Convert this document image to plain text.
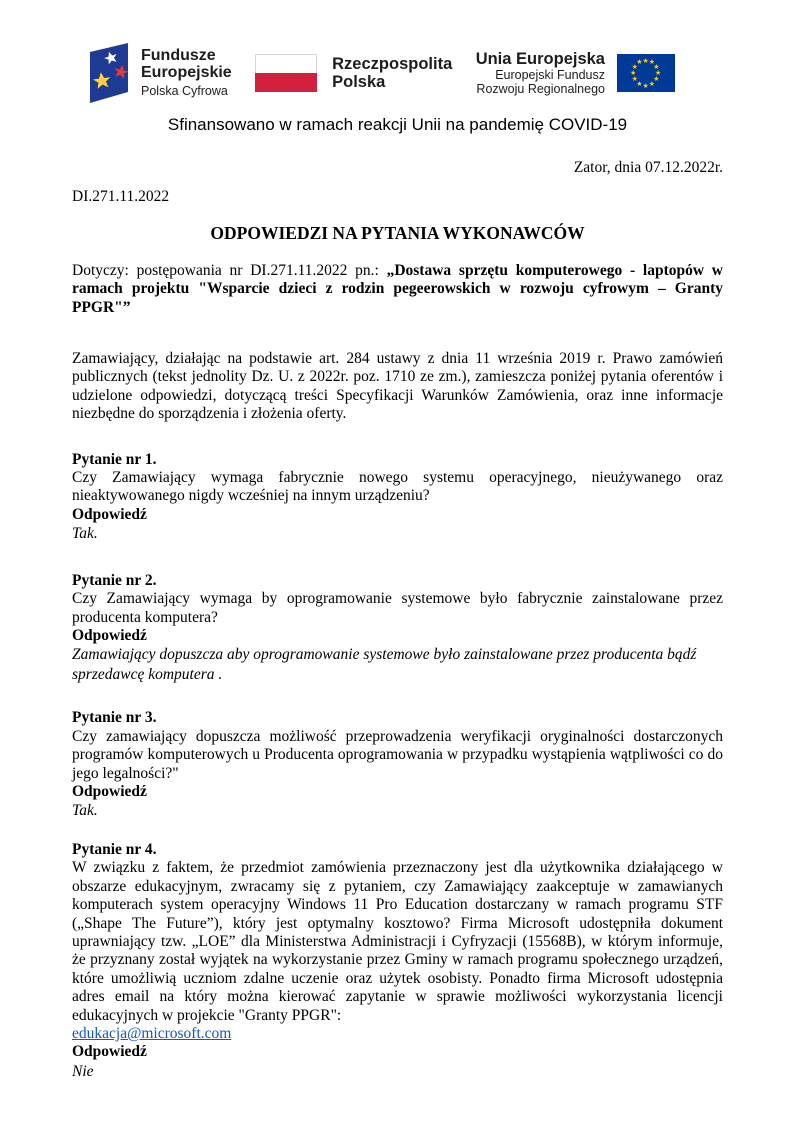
Fundusze
Europejskie
Polska Cyfrowa
Rzeczpospolita
Polska
Unia Europejska
Europejski Fundusz
Rozwoju Regionalnego
★ ★
★
★
★
★
★
★
★
★
★
★
Sfinansowano w ramach reakcji Unii na pandemię COVID-19

Zator, dnia 07.12.2022r.

DI.271.11.2022

ODPOWIEDZI NA PYTANIA WYKONAWCÓW

Dotyczy: postępowania nr DI.271.11.2022 pn.: „Dostawa sprzętu komputerowego - laptopów w ramach projektu "Wsparcie dzieci z rodzin pegeerowskich w rozwoju cyfrowym – Granty PPGR"”

Zamawiający, działając na podstawie art. 284 ustawy z dnia 11 września 2019 r. Prawo zamówień publicznych (tekst jednolity Dz. U. z 2022r. poz. 1710 ze zm.), zamieszcza poniżej pytania oferentów i udzielone odpowiedzi, dotyczącą treści Specyfikacji Warunków Zamówienia, oraz inne informacje niezbędne do sporządzenia i złożenia oferty.

Pytanie nr 1.

Czy Zamawiający wymaga fabrycznie nowego systemu operacyjnego, nieużywanego oraz nieaktywowanego nigdy wcześniej na innym urządzeniu?

Odpowiedź

Tak.

Pytanie nr 2.

Czy Zamawiający wymaga by oprogramowanie systemowe było fabrycznie zainstalowane przez producenta komputera?

Odpowiedź

Zamawiający dopuszcza aby oprogramowanie systemowe było zainstalowane przez producenta bądź sprzedawcę komputera .

Pytanie nr 3.

Czy zamawiający dopuszcza możliwość przeprowadzenia weryfikacji oryginalności dostarczonych programów komputerowych u Producenta oprogramowania w przypadku wystąpienia wątpliwości co do jego legalności?"

Odpowiedź

Tak.

Pytanie nr 4.

W związku z faktem, że przedmiot zamówienia przeznaczony jest dla użytkownika działającego w obszarze edukacyjnym, zwracamy się z pytaniem, czy Zamawiający zaakceptuje w zamawianych komputerach system operacyjny Windows 11 Pro Education dostarczany w ramach programu STF („Shape The Future”), który jest optymalny kosztowo? Firma Microsoft udostępniła dokument uprawniający tzw. „LOE” dla Ministerstwa Administracji i Cyfryzacji (15568B), w którym informuje, że przyznany został wyjątek na wykorzystanie przez Gminy w ramach programu społecznego urządzeń, które umożliwią uczniom zdalne uczenie oraz użytek osobisty. Ponadto firma Microsoft udostępnia adres email na który można kierować zapytanie w sprawie możliwości wykorzystania licencji edukacyjnych w projekcie "Granty PPGR":

edukacja@microsoft.com

Odpowiedź

Nie
